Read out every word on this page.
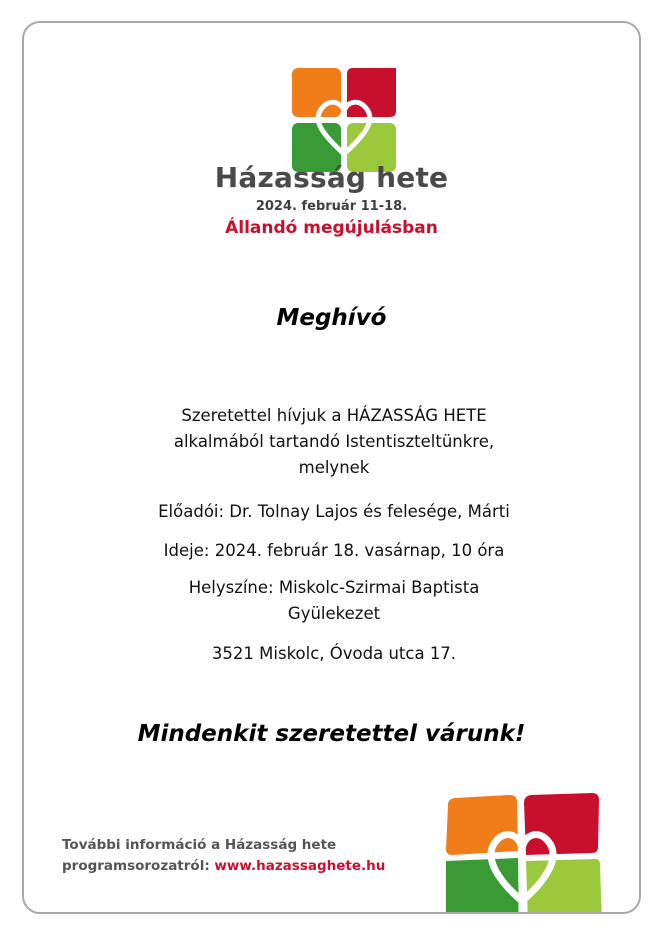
Házasság hete
2024. február 11-18.
Állandó megújulásban
Meghívó
Szeretettel hívjuk a HÁZASSÁG HETE
alkalmából tartandó Istentiszteltünkre,
melynek
Előadói: Dr. Tolnay Lajos és felesége, Márti
Ideje: 2024. február 18. vasárnap, 10 óra
Helyszíne: Miskolc-Szirmai Baptista
Gyülekezet
3521 Miskolc, Óvoda utca 17.
Mindenkit szeretettel várunk!
További információ a Házasság hete
programsorozatról: www.hazassaghete.hu
